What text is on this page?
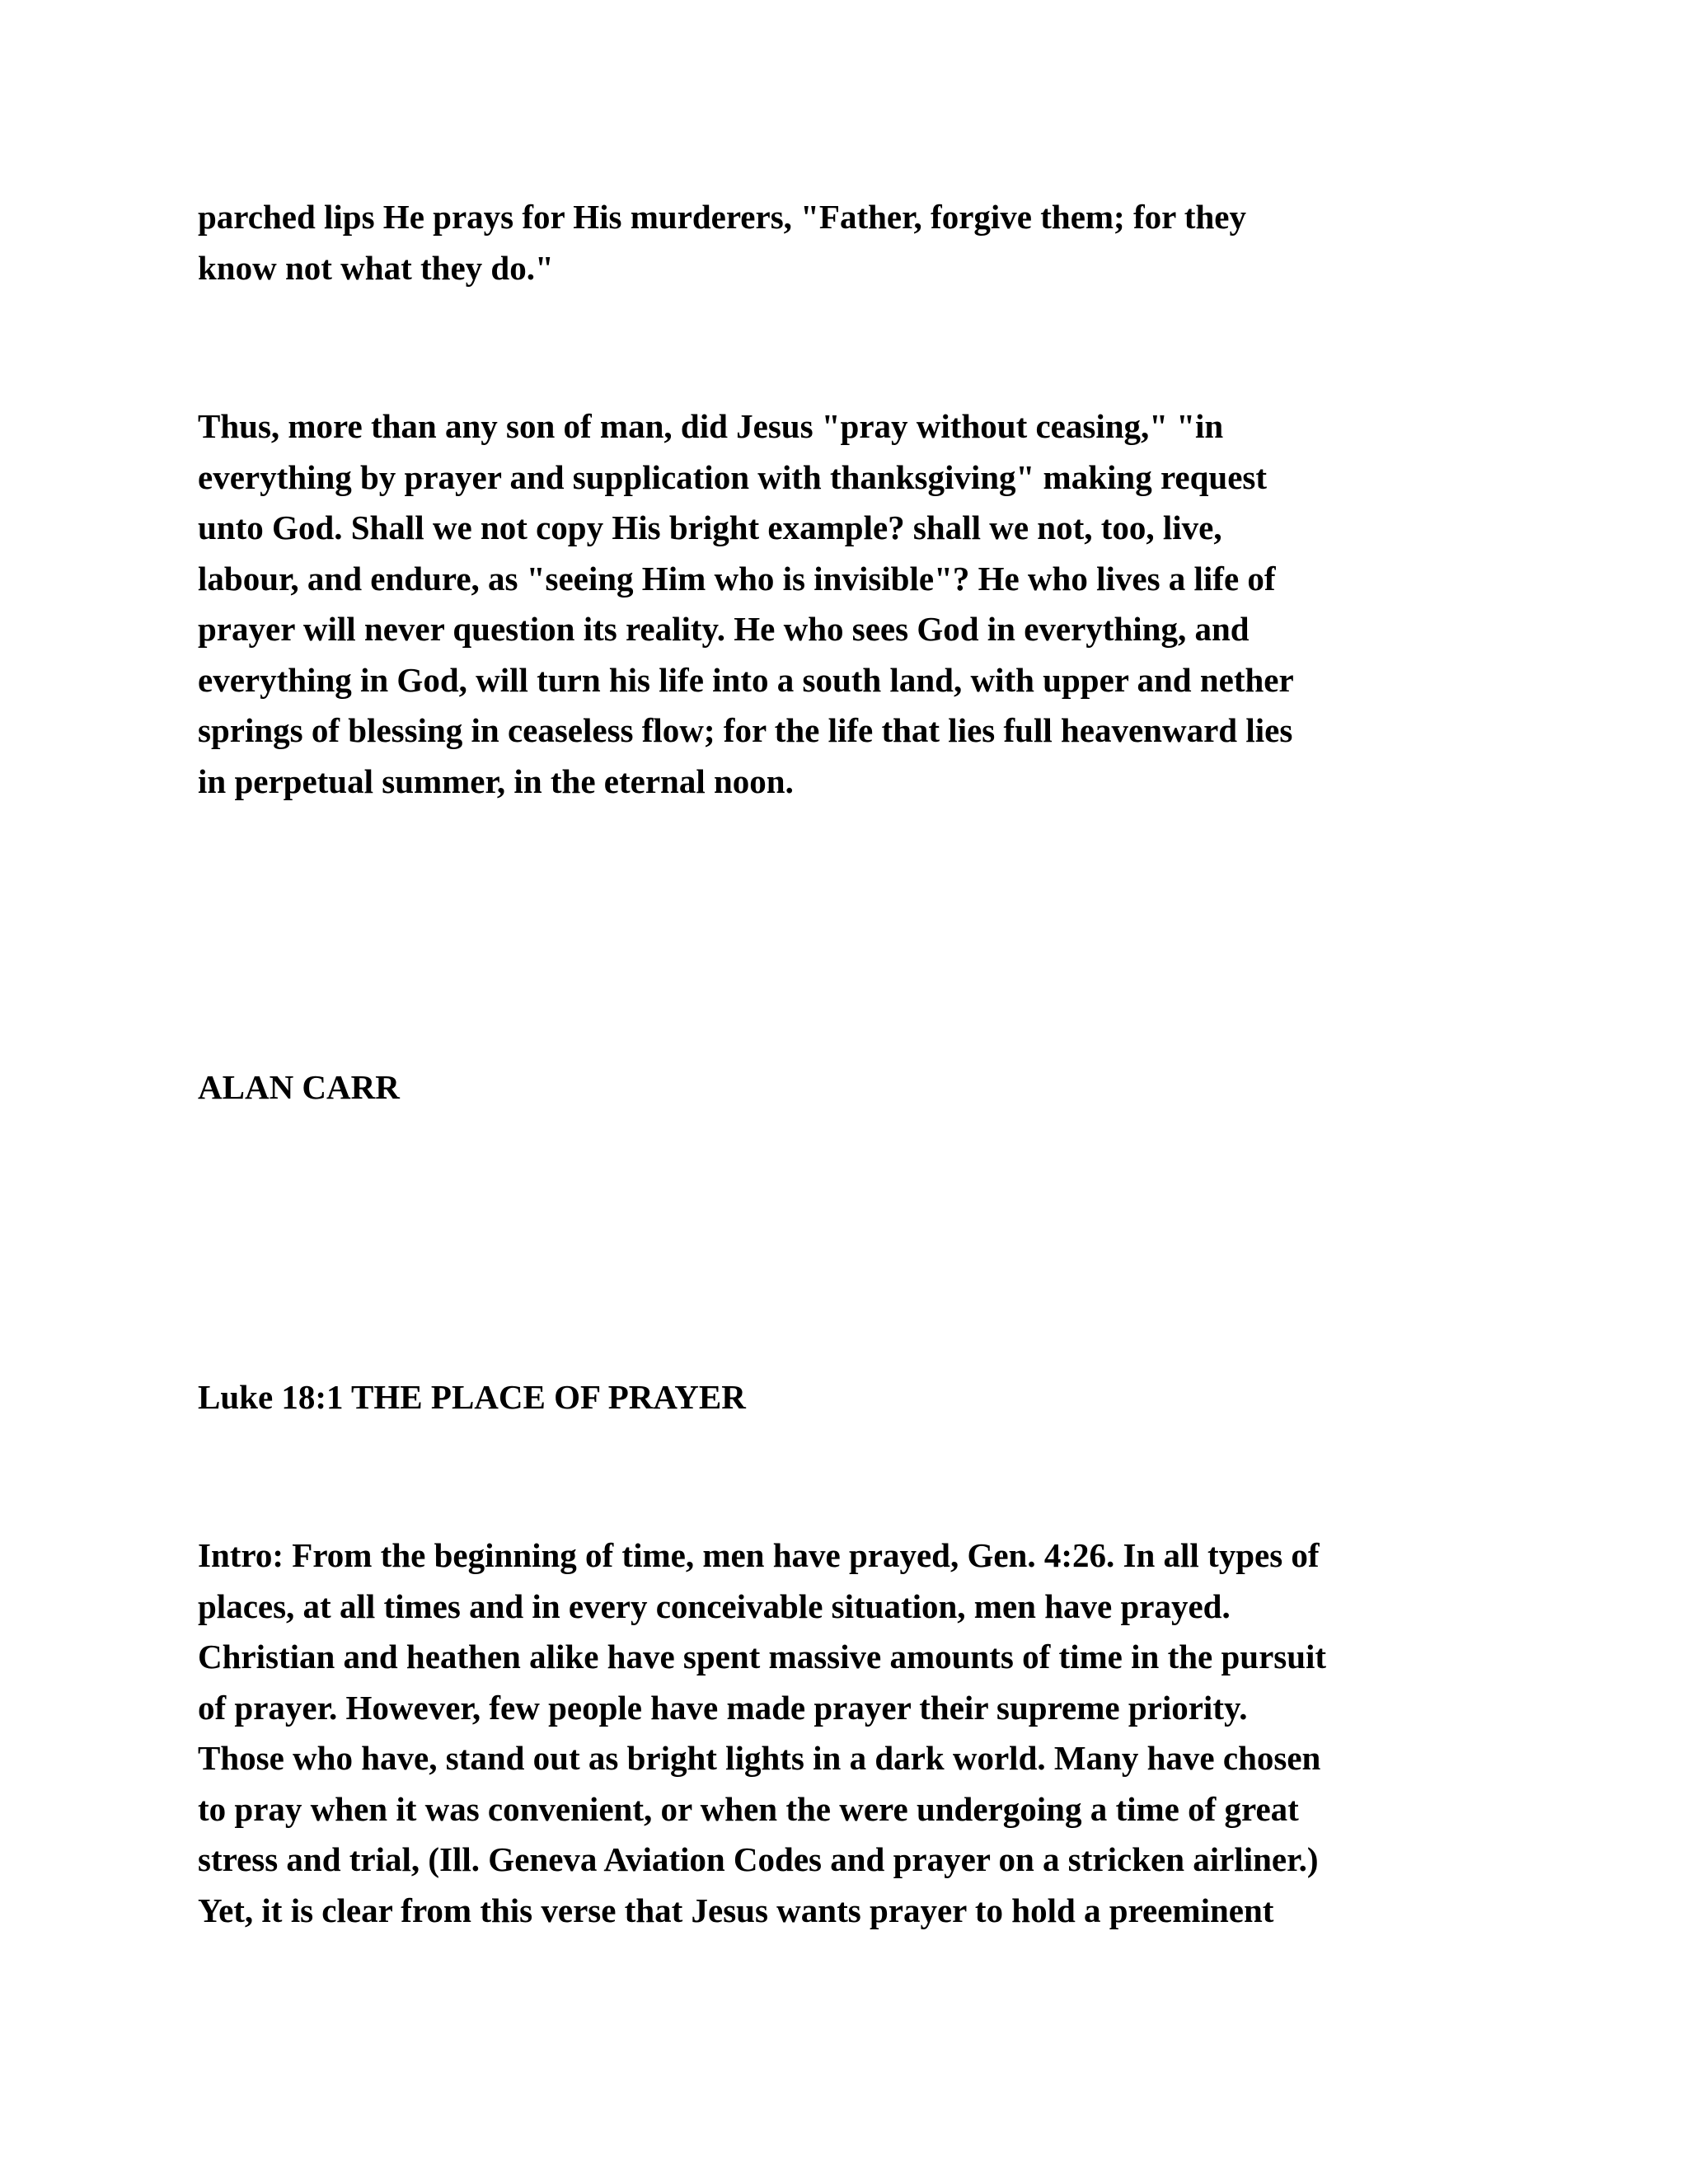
parched lips He prays for His murderers, "Father, forgive them; for they
know not what they do."

Thus, more than any son of man, did Jesus "pray without ceasing," "in
everything by prayer and supplication with thanksgiving" making request
unto God. Shall we not copy His bright example? shall we not, too, live,
labour, and endure, as "seeing Him who is invisible"? He who lives a life of
prayer will never question its reality. He who sees God in everything, and
everything in God, will turn his life into a south land, with upper and nether
springs of blessing in ceaseless flow; for the life that lies full heavenward lies
in perpetual summer, in the eternal noon.

ALAN CARR

Luke 18:1 THE PLACE OF PRAYER

Intro: From the beginning of time, men have prayed, Gen. 4:26. In all types of
places, at all times and in every conceivable situation, men have prayed.
Christian and heathen alike have spent massive amounts of time in the pursuit
of prayer. However, few people have made prayer their supreme priority.
Those who have, stand out as bright lights in a dark world. Many have chosen
to pray when it was convenient, or when the were undergoing a time of great
stress and trial, (Ill. Geneva Aviation Codes and prayer on a stricken airliner.)
Yet, it is clear from this verse that Jesus wants prayer to hold a preeminent
